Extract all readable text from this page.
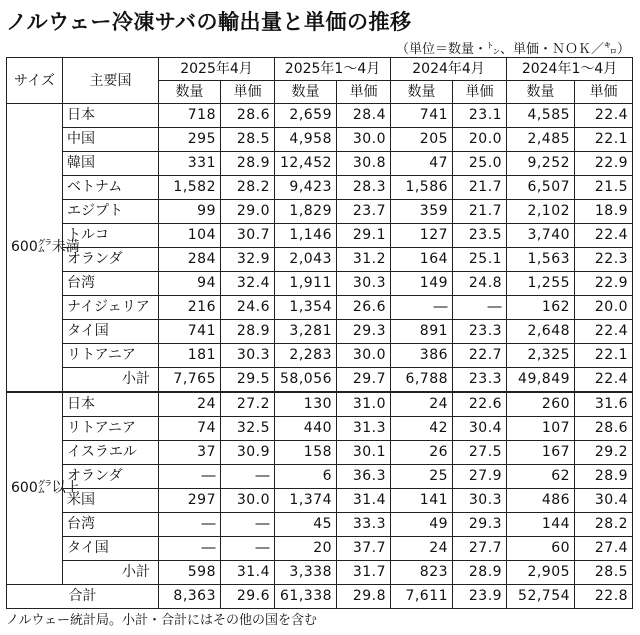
ノルウェー冷凍サバの輸出量と単価の推移
（単位＝数量・㌧、単価・ＮＯＫ／㌔）
サイズ	主要国	2025年4月		2025年1～4月		2024年4月		2024年1～4月	
		数量	単価	数量	単価	数量	単価	数量	単価
600㌘未満	日本	718	28.6	2,659	28.4	741	23.1	4,585	22.4
	中国	295	28.5	4,958	30.0	205	20.0	2,485	22.1
	韓国	331	28.9	12,452	30.8	47	25.0	9,252	22.9
	ベトナム	1,582	28.2	9,423	28.3	1,586	21.7	6,507	21.5
	エジプト	99	29.0	1,829	23.7	359	21.7	2,102	18.9
	トルコ	104	30.7	1,146	29.1	127	23.5	3,740	22.4
	オランダ	284	32.9	2,043	31.2	164	25.1	1,563	22.3
	台湾	94	32.4	1,911	30.3	149	24.8	1,255	22.9
	ナイジェリア	216	24.6	1,354	26.6	―	―	162	20.0
	タイ国	741	28.9	3,281	29.3	891	23.3	2,648	22.4
	リトアニア	181	30.3	2,283	30.0	386	22.7	2,325	22.1
	小計	7,765	29.5	58,056	29.7	6,788	23.3	49,849	22.4
600㌘以上	日本	24	27.2	130	31.0	24	22.6	260	31.6
	リトアニア	74	32.5	440	31.3	42	30.4	107	28.6
	イスラエル	37	30.9	158	30.1	26	27.5	167	29.2
	オランダ	―	―	6	36.3	25	27.9	62	28.9
	米国	297	30.0	1,374	31.4	141	30.3	486	30.4
	台湾	―	―	45	33.3	49	29.3	144	28.2
	タイ国	―	―	20	37.7	24	27.7	60	27.4
	小計	598	31.4	3,338	31.7	823	28.9	2,905	28.5
合計		8,363	29.6	61,338	29.8	7,611	23.9	52,754	22.8
ノルウェー統計局。小計・合計にはその他の国を含む
